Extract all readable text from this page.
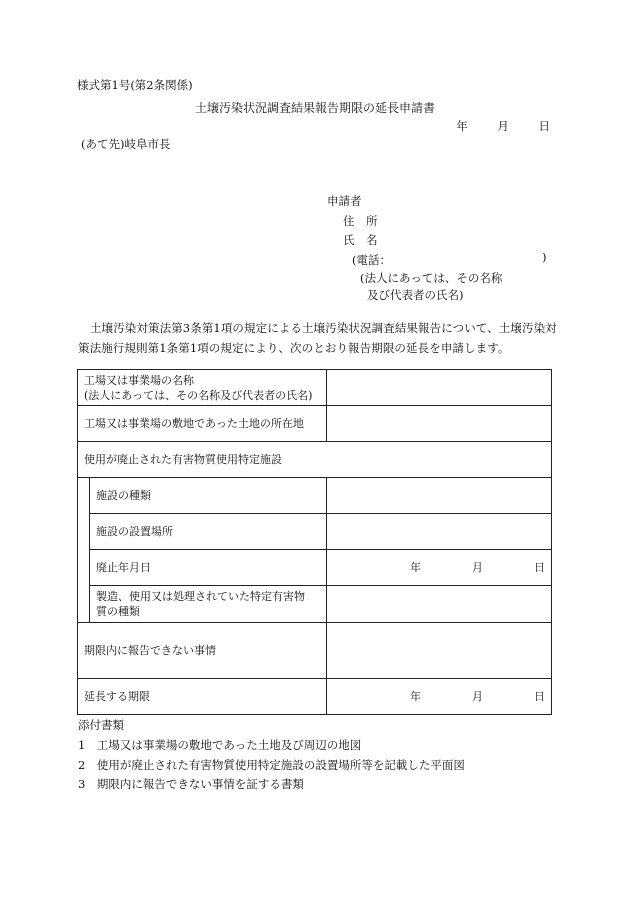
様式第1号(第2条関係)
土壌汚染状況調査結果報告期限の延長申請書
年	月	日
(あて先)岐阜市長
申請者
住　所
氏　名
(電話：
(法人にあっては、その名称
及び代表者の氏名)
)
土壌汚染対策法第3条第1項の規定による土壌汚染状況調査結果報告について、土壌汚染対策法施行規則第1条第1項の規定により、次のとおり報告期限の延長を申請します。
工場又は事業場の名称
(法人にあっては、その名称及び代表者の氏名)		

工場又は事業場の敷地であった土地の所在地		
使用が廃止された有害物質使用特定施設		
	施設の種類	
	施設の設置場所	
	廃止年月日	年 月 日

	製造、使用又は処理されていた特定有害物
質の種類	

期限内に報告できない事情		
延長する期限		年 月 日
添付書類
1　工場又は事業場の敷地であった土地及び周辺の地図
2　使用が廃止された有害物質使用特定施設の設置場所等を記載した平面図
3　期限内に報告できない事情を証する書類
